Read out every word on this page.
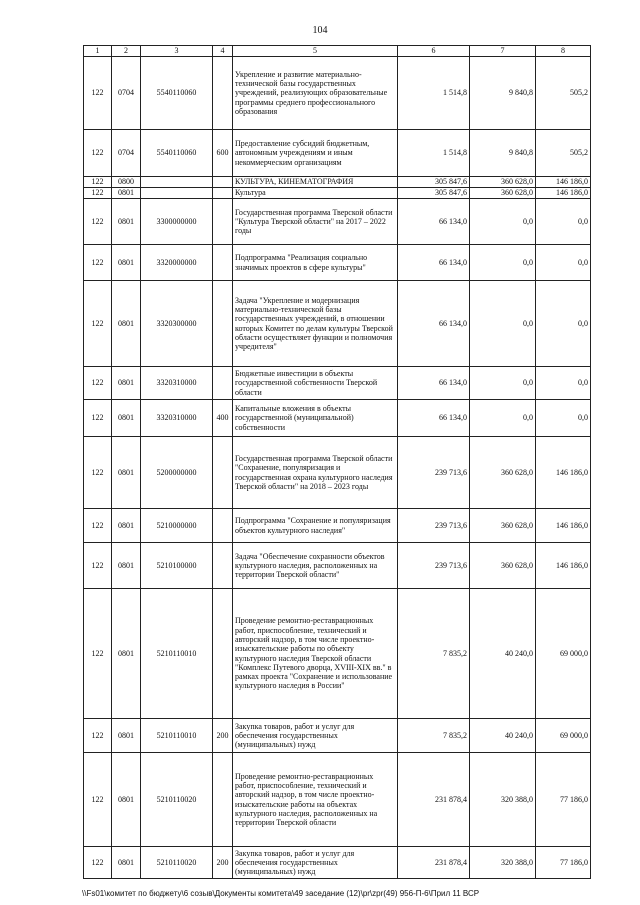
104
1	2	3	4	5	6	7	8
122	0704	5540110060		Укрепление и развитие материально-технической базы государственных учреждений, реализующих образовательные программы среднего профессионального образования	1 514,8	9 840,8	505,2
122	0704	5540110060	600	Предоставление субсидий бюджетным, автономным учреждениям и иным некоммерческим организациям	1 514,8	9 840,8	505,2
122	0800			КУЛЬТУРА, КИНЕМАТОГРАФИЯ	305 847,6	360 628,0	146 186,0
122	0801			Культура	305 847,6	360 628,0	146 186,0
122	0801	3300000000		Государственная программа Тверской области "Культура Тверской области" на 2017 – 2022 годы	66 134,0	0,0	0,0
122	0801	3320000000		Подпрограмма "Реализация социально значимых проектов в сфере культуры"	66 134,0	0,0	0,0
122	0801	3320300000		Задача "Укрепление и модернизация материально-технической базы государственных учреждений, в отношении которых Комитет по делам культуры Тверской области осуществляет функции и полномочия учредителя"	66 134,0	0,0	0,0
122	0801	3320310000		Бюджетные инвестиции в объекты государственной собственности Тверской области	66 134,0	0,0	0,0
122	0801	3320310000	400	Капитальные вложения в объекты государственной (муниципальной) собственности	66 134,0	0,0	0,0
122	0801	5200000000		Государственная программа Тверской области "Сохранение, популяризация и государственная охрана культурного наследия Тверской области" на 2018 – 2023 годы	239 713,6	360 628,0	146 186,0
122	0801	5210000000		Подпрограмма "Сохранение и популяризация объектов культурного наследия"	239 713,6	360 628,0	146 186,0
122	0801	5210100000		Задача "Обеспечение сохранности объектов культурного наследия, расположенных на территории Тверской области"	239 713,6	360 628,0	146 186,0
122	0801	5210110010		Проведение ремонтно-реставрационных работ, приспособление, технический и авторский надзор, в том числе проектно-изыскательские работы по объекту культурного наследия Тверской области "Комплекс Путевого дворца, XVIII-XIX вв." в рамках проекта "Сохранение и использование культурного наследия в России"	7 835,2	40 240,0	69 000,0
122	0801	5210110010	200	Закупка товаров, работ и услуг для обеспечения государственных (муниципальных) нужд	7 835,2	40 240,0	69 000,0
122	0801	5210110020		Проведение ремонтно-реставрационных работ, приспособление, технический и авторский надзор, в том числе проектно-изыскательские работы на объектах культурного наследия, расположенных на территории Тверской области	231 878,4	320 388,0	77 186,0
122	0801	5210110020	200	Закупка товаров, работ и услуг для обеспечения государственных (муниципальных) нужд	231 878,4	320 388,0	77 186,0
\\Fs01\комитет по бюджету\6 созыв\Документы комитета\49 заседание (12)\pr\zpr(49) 956-П-6\Прил 11 ВСР
